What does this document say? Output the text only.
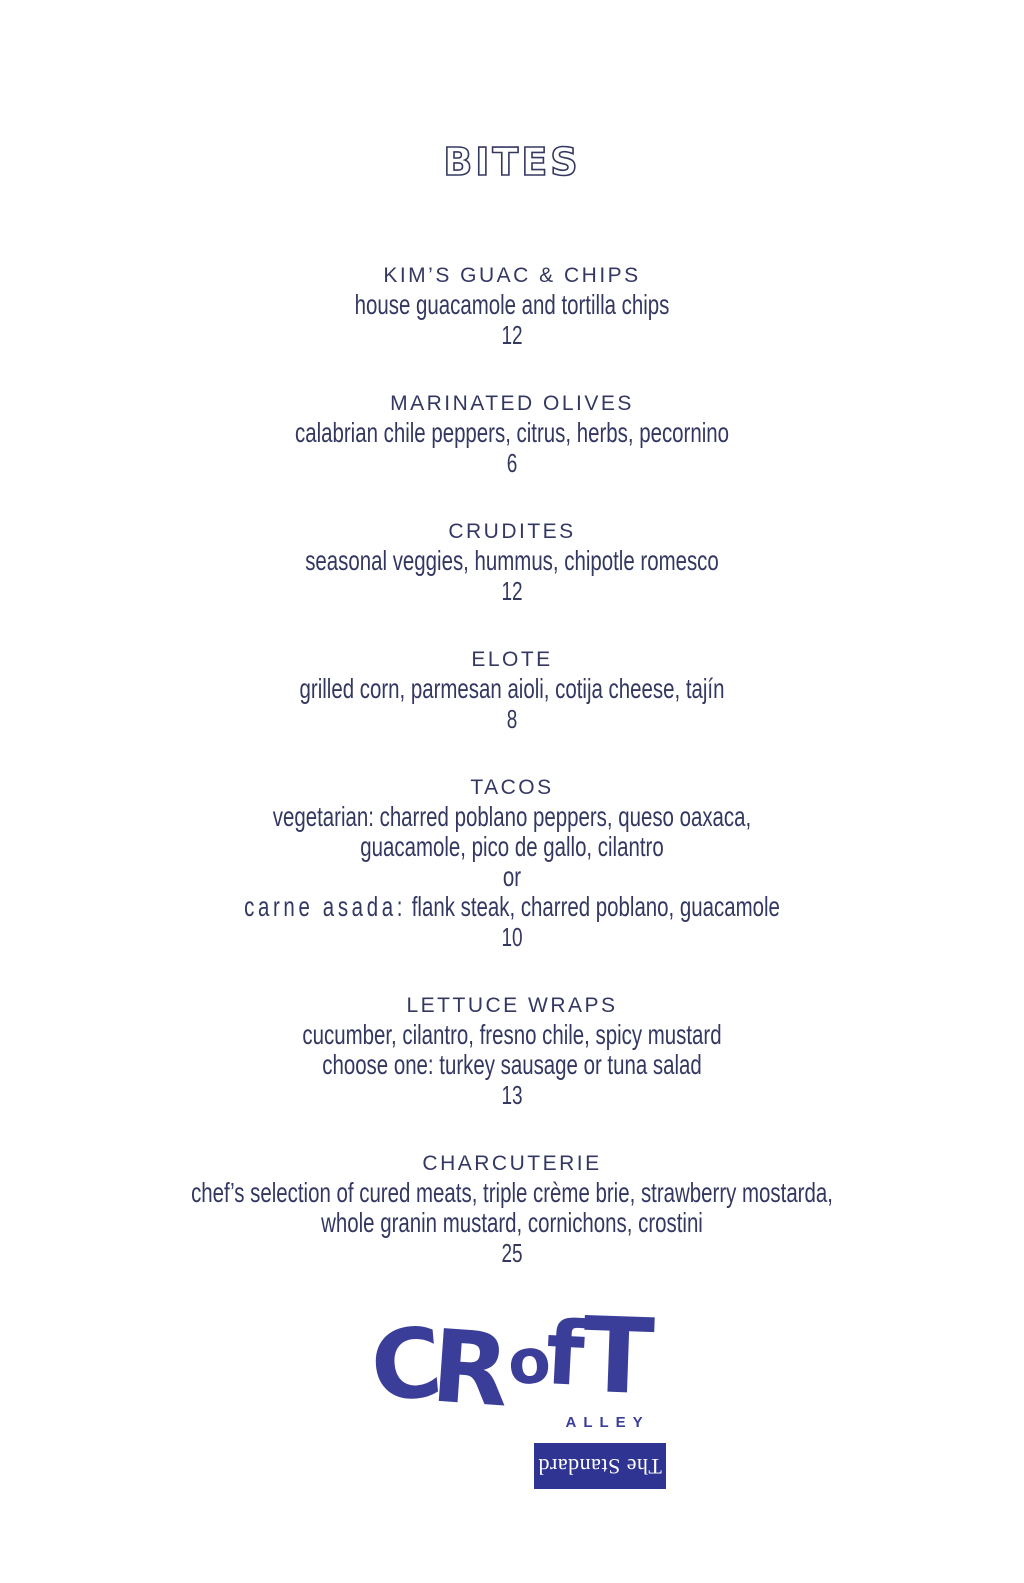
BITES
KIM’S GUAC & CHIPS
house guacamole and tortilla chips
12
MARINATED OLIVES
calabrian chile peppers, citrus, herbs, pecornino
6
CRUDITES
seasonal veggies, hummus, chipotle romesco
12
ELOTE
grilled corn, parmesan aioli, cotija cheese, tajín
8
TACOS
vegetarian: charred poblano peppers, queso oaxaca,
guacamole, pico de gallo, cilantro
or
carne asada: flank steak, charred poblano, guacamole
10
LETTUCE WRAPS
cucumber, cilantro, fresno chile, spicy mustard
choose one: turkey sausage or tuna salad
13
CHARCUTERIE
chef’s selection of cured meats, triple crème brie, strawberry mostarda,
whole granin mustard, cornichons, crostini
25
C
R
o
f
T
ALLEY
The Standard
